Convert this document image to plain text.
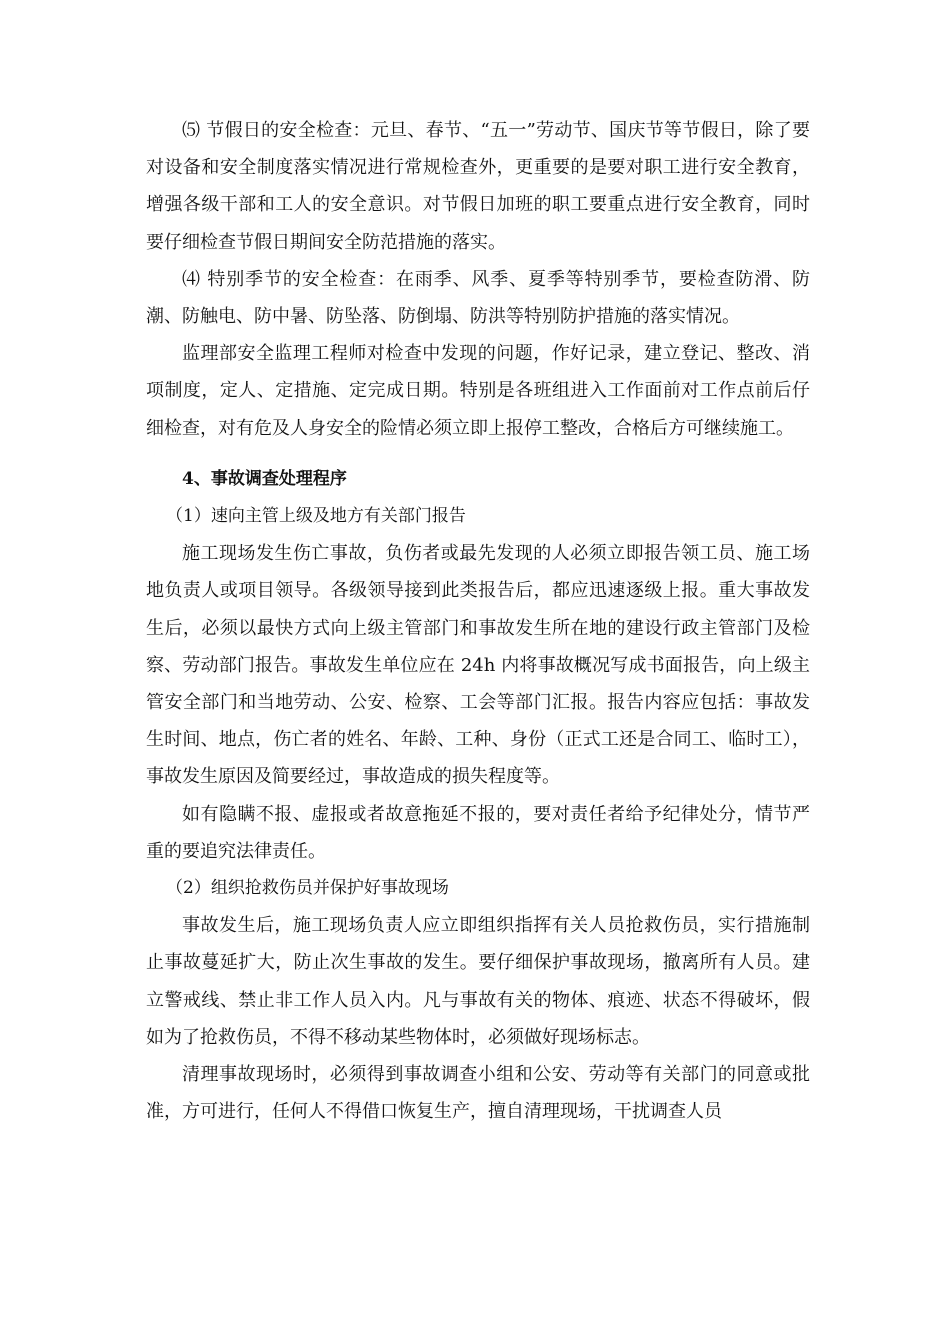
⑸ 节假日的安全检查：元旦、春节、“五一”劳动节、国庆节等节假日，除了要对设备和安全制度落实情况进行常规检查外，更重要的是要对职工进行安全教育，增强各级干部和工人的安全意识。对节假日加班的职工要重点进行安全教育，同时要仔细检查节假日期间安全防范措施的落实。

⑷ 特别季节的安全检查：在雨季、风季、夏季等特别季节，要检查防滑、防潮、防触电、防中暑、防坠落、防倒塌、防洪等特别防护措施的落实情况。

监理部安全监理工程师对检查中发现的问题，作好记录，建立登记、整改、消项制度，定人、定措施、定完成日期。特别是各班组进入工作面前对工作点前后仔细检查，对有危及人身安全的险情必须立即上报停工整改，合格后方可继续施工。

4、事故调查处理程序

（1）速向主管上级及地方有关部门报告

施工现场发生伤亡事故，负伤者或最先发现的人必须立即报告领工员、施工场地负责人或项目领导。各级领导接到此类报告后，都应迅速逐级上报。重大事故发生后，必须以最快方式向上级主管部门和事故发生所在地的建设行政主管部门及检察、劳动部门报告。事故发生单位应在 24h 内将事故概况写成书面报告，向上级主管安全部门和当地劳动、公安、检察、工会等部门汇报。报告内容应包括：事故发生时间、地点，伤亡者的姓名、年龄、工种、身份（正式工还是合同工、临时工），事故发生原因及简要经过，事故造成的损失程度等。

如有隐瞒不报、虚报或者故意拖延不报的，要对责任者给予纪律处分，情节严重的要追究法律责任。

（2）组织抢救伤员并保护好事故现场

事故发生后，施工现场负责人应立即组织指挥有关人员抢救伤员，实行措施制止事故蔓延扩大，防止次生事故的发生。要仔细保护事故现场，撤离所有人员。建立警戒线、禁止非工作人员入内。凡与事故有关的物体、痕迹、状态不得破坏，假如为了抢救伤员，不得不移动某些物体时，必须做好现场标志。

清理事故现场时，必须得到事故调查小组和公安、劳动等有关部门的同意或批准，方可进行，任何人不得借口恢复生产，擅自清理现场，干扰调查人员
